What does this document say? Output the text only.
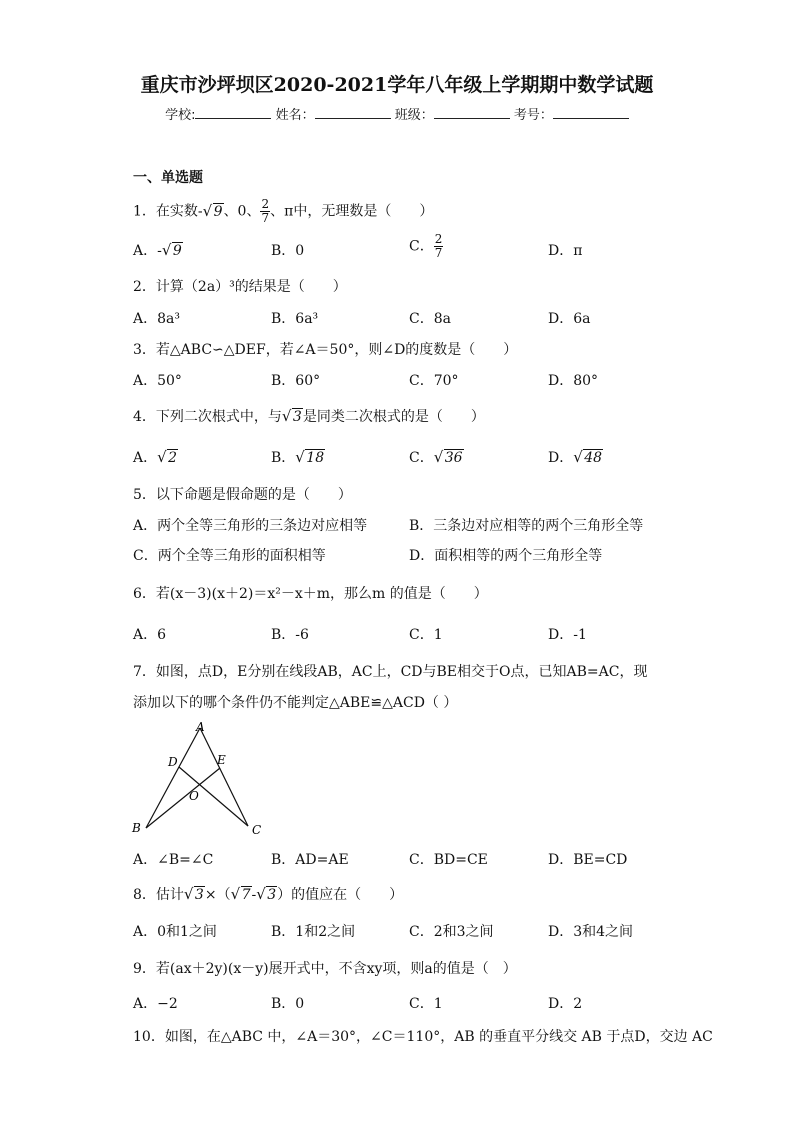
重庆市沙坪坝区2020-2021学年八年级上学期期中数学试题
学校:	姓名：	班级：	考号：
一、单选题
1．在实数- √ 9、0、 $\frac{2}{7}$ 、π中，无理数是（　　）
A．- √ 9	B．0	C． $\frac{2}{7}$	D．π
2．计算（2a）³的结果是（　　）
A．8a³	B．6a³	C．8a	D．6a
3．若△ABC∽△DEF，若∠A＝50°，则∠D的度数是（　　）
A．50°	B．60°	C．70°	D．80°
4．下列二次根式中，与 √ 3是同类二次根式的是（　　）
A． √ 2	B． √ 18	C． √ 36	D． √ 48
5．以下命题是假命题的是（　　）
A．两个全等三角形的三条边对应相等	B．三条边对应相等的两个三角形全等
C．两个全等三角形的面积相等	D．面积相等的两个三角形全等
6．若(x－3)(x＋2)＝x²－x＋m，那么m 的值是（　　）
A．6	B．-6	C．1	D．-1
7．如图，点D，E分别在线段AB，AC上，CD与BE相交于O点，已知AB=AC，现
添加以下的哪个条件仍不能判定△ABE≌△ACD（ ）
A
D	E
O
B	C
A．∠B=∠C	B．AD=AE	C．BD=CE	D．BE=CD
8．估计 √ 3×（ √ 7- √ 3）的值应在（　　）
A．0和1之间	B．1和2之间	C．2和3之间	D．3和4之间
9．若(ax＋2y)(x－y)展开式中，不含xy项，则a的值是（　）
A．−2	B．0	C．1	D．2
10．如图，在△ABC 中，∠A＝30°，∠C＝110°，AB 的垂直平分线交 AB 于点D，交边 AC
